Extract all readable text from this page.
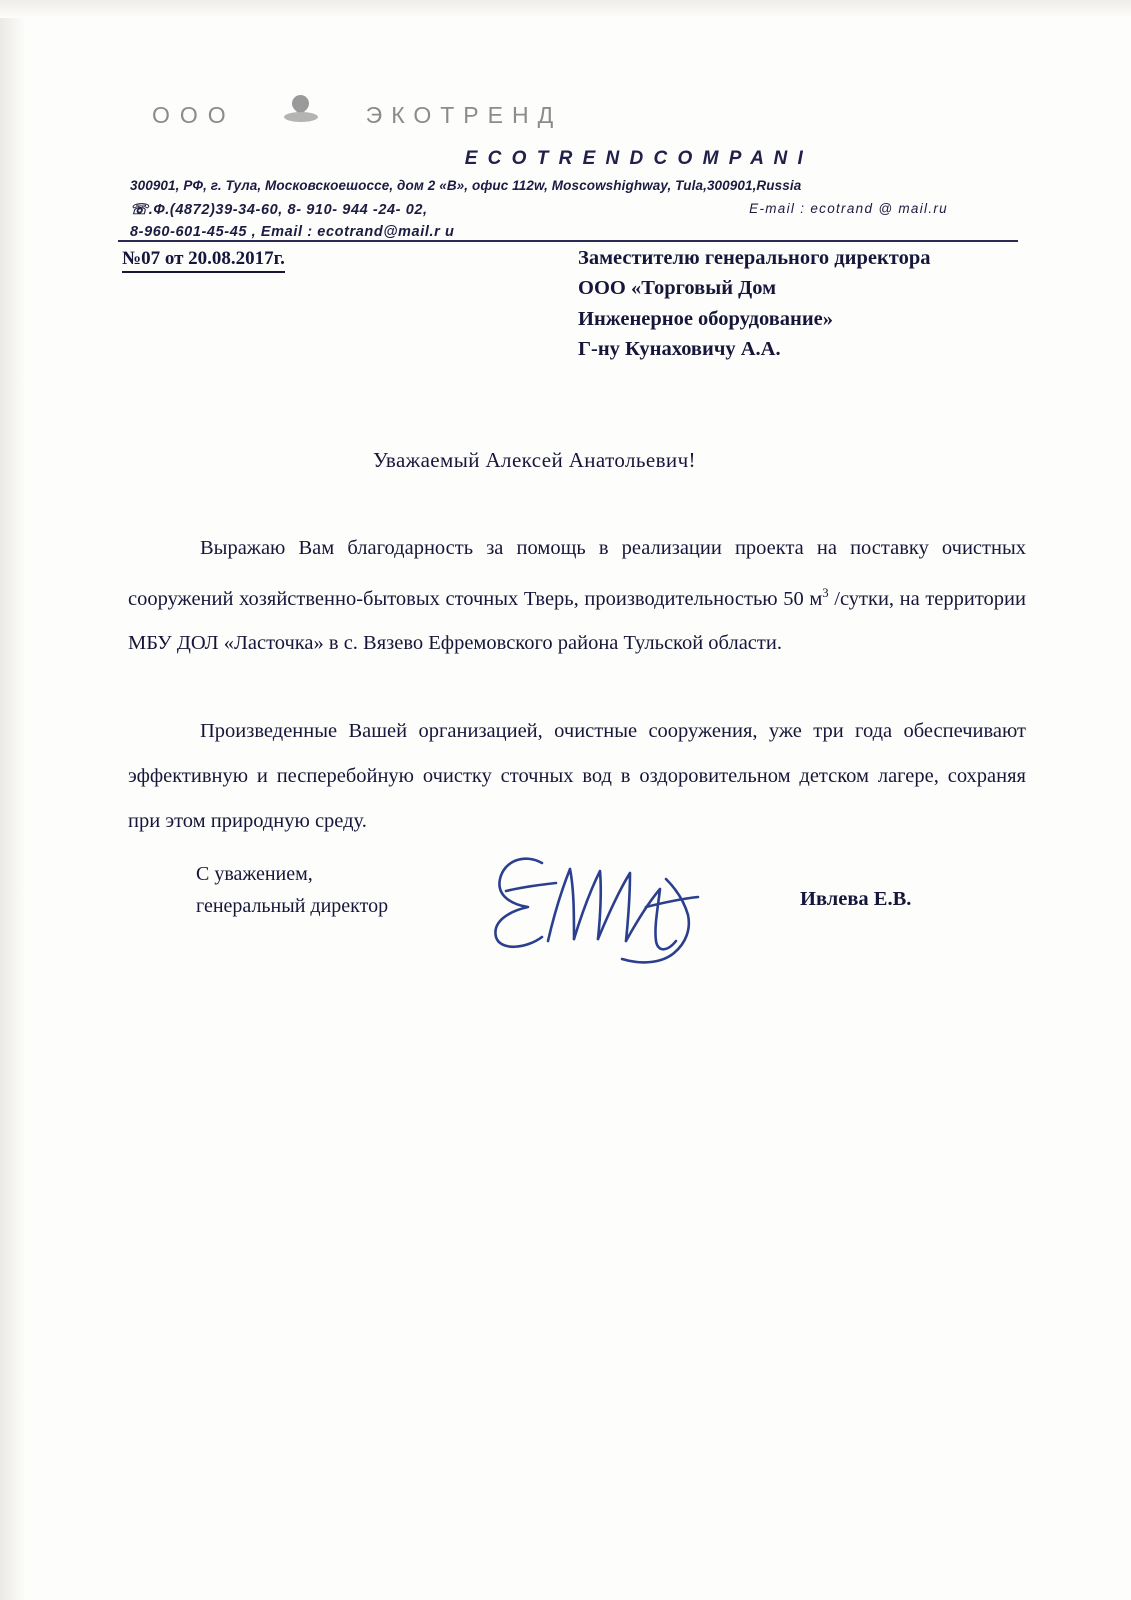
ООО	ЭКОТРЕНД
E C O T R E N D C O M P A N I
300901, РФ, г. Тула, Московскоешоссе, дом 2 «В», офис 112w, Moscowshighway, Tula,300901,Russia
☏.Ф.(4872)39-34-60, 8- 910- 944 -24- 02,
8-960-601-45-45 , Email : ecotrand@mail.r u
E-mail : ecotrand @ mail.ru
№07 от 20.08.2017г.	Заместителю генерального директора
ООО «Торговый Дом
Инженерное оборудование»
Г-ну Кунаховичу А.А.
Уважаемый Алексей Анатольевич!

Выражаю Вам благодарность за помощь в реализации проекта на поставку очистных сооружений хозяйственно-бытовых сточных Тверь, производительностью 50 $м^3$ /сутки, на территории МБУ ДОЛ «Ласточка» в с. Вязево Ефремовского района Тульской области.

Произведенные Вашей организацией, очистные сооружения, уже три года обеспечивают эффективную и песперебойную очистку сточных вод в оздоровительном детском лагере, сохраняя при этом природную среду.

С уважением,
генеральный директор	Ивлева Е.В.
